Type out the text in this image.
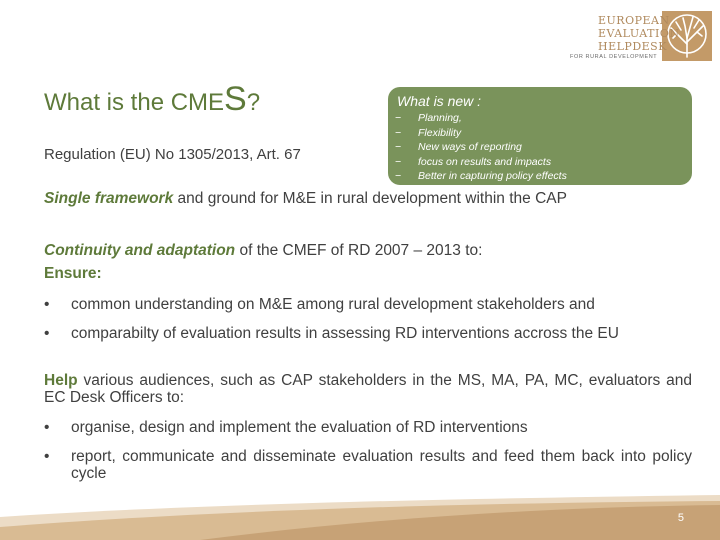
EUROPEAN
EVALUATION
HELPDESK
FOR RURAL DEVELOPMENT
What is the CMES?
Regulation (EU) No 1305/2013, Art. 67
What is new :
−	Planning,
−	Flexibility
−	New ways of reporting
−	focus on results and impacts
−	Better in capturing policy effects
Single framework and ground for M&E in rural development within the CAP
Continuity and adaptation of the CMEF of RD 2007 – 2013 to:
Ensure:
•	common understanding on M&E among rural development stakeholders and
•	comparabilty of evaluation results in assessing RD interventions accross the EU
Help various audiences, such as CAP stakeholders in the MS, MA, PA, MC, evaluators and EC Desk Officers to:
•	organise, design and implement the evaluation of RD interventions
•	report, communicate and disseminate evaluation results and feed them back into policy cycle
5
